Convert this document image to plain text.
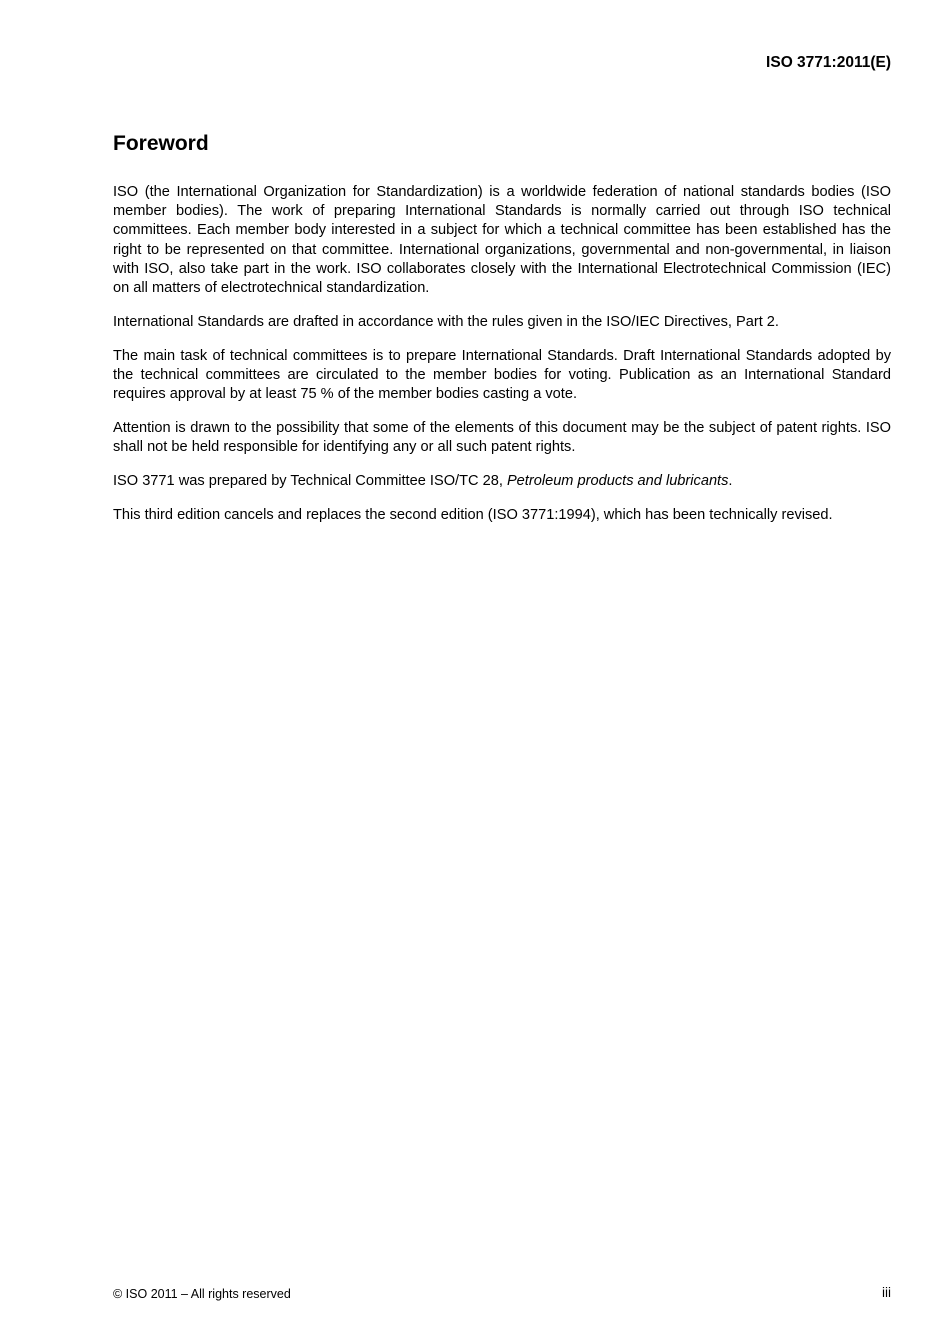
ISO 3771:2011(E)
Foreword

ISO (the International Organization for Standardization) is a worldwide federation of national standards bodies (ISO member bodies). The work of preparing International Standards is normally carried out through ISO technical committees. Each member body interested in a subject for which a technical committee has been established has the right to be represented on that committee. International organizations, governmental and non-governmental, in liaison with ISO, also take part in the work. ISO collaborates closely with the International Electrotechnical Commission (IEC) on all matters of electrotechnical standardization.

International Standards are drafted in accordance with the rules given in the ISO/IEC Directives, Part 2.

The main task of technical committees is to prepare International Standards. Draft International Standards adopted by the technical committees are circulated to the member bodies for voting. Publication as an International Standard requires approval by at least 75 % of the member bodies casting a vote.

Attention is drawn to the possibility that some of the elements of this document may be the subject of patent rights. ISO shall not be held responsible for identifying any or all such patent rights.

ISO 3771 was prepared by Technical Committee ISO/TC 28, Petroleum products and lubricants.

This third edition cancels and replaces the second edition (ISO 3771:1994), which has been technically revised.

© ISO 2011 – All rights reserved	iii
